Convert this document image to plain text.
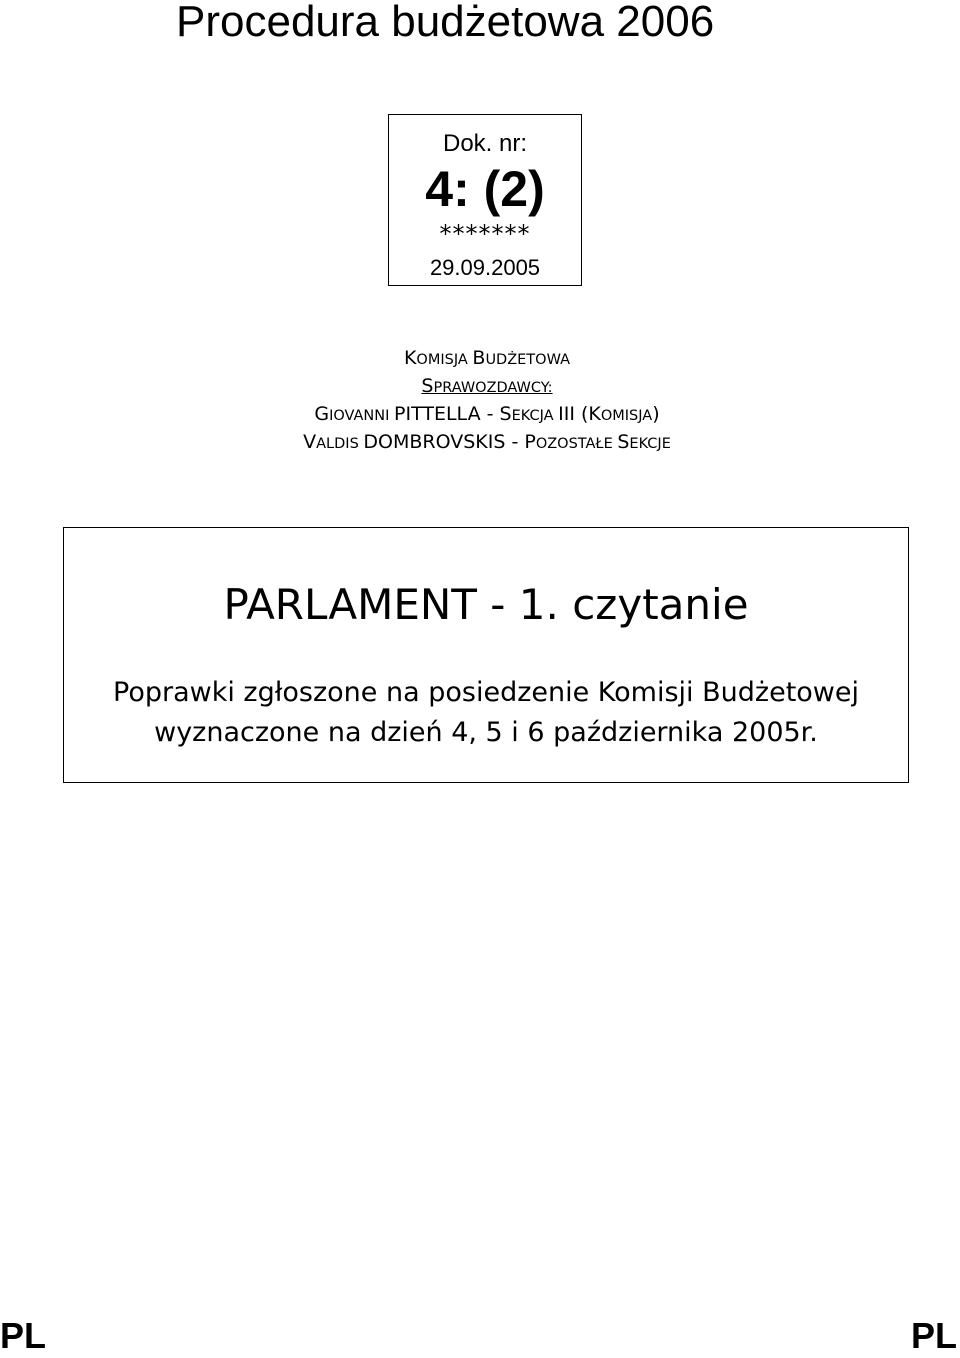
Procedura budżetowa 2006
Dok. nr:
4: (2)
*******
29.09.2005
KOMISJA BUDŻETOWA
SPRAWOZDAWCY:
GIOVANNI PITTELLA - SEKCJA III (KOMISJA)
VALDIS DOMBROVSKIS - POZOSTAŁE SEKCJE
PARLAMENT - 1. czytanie
Poprawki zgłoszone na posiedzenie Komisji Budżetowej
wyznaczone na dzień 4, 5 i 6 października 2005r.
PL	PL
